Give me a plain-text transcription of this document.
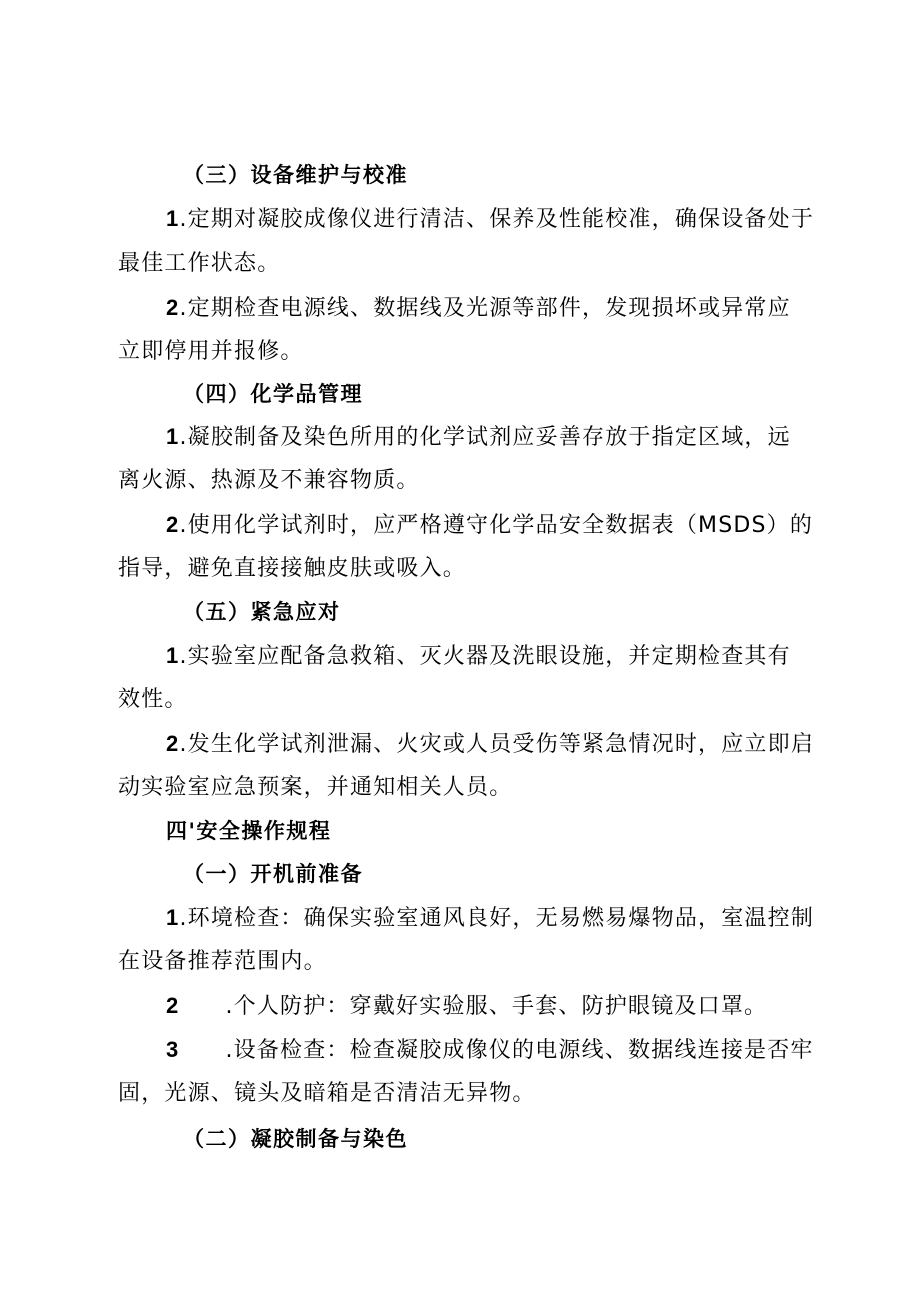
（三）设备维护与校准
1.定期对凝胶成像仪进行清洁、保养及性能校准，确保设备处于
最佳工作状态。
2.定期检查电源线、数据线及光源等部件，发现损坏或异常应
立即停用并报修。
（四）化学品管理
1.凝胶制备及染色所用的化学试剂应妥善存放于指定区域，远
离火源、热源及不兼容物质。
2.使用化学试剂时，应严格遵守化学品安全数据表（MSDS）的
指导，避免直接接触皮肤或吸入。
（五）紧急应对
1.实验室应配备急救箱、灭火器及洗眼设施，并定期检查其有
效性。
2.发生化学试剂泄漏、火灾或人员受伤等紧急情况时，应立即启
动实验室应急预案，并通知相关人员。
四'安全操作规程
（一）开机前准备
1.环境检查：确保实验室通风良好，无易燃易爆物品，室温控制
在设备推荐范围内。
2 .个人防护：穿戴好实验服、手套、防护眼镜及口罩。
3 .设备检查：检查凝胶成像仪的电源线、数据线连接是否牢
固，光源、镜头及暗箱是否清洁无异物。
（二）凝胶制备与染色
